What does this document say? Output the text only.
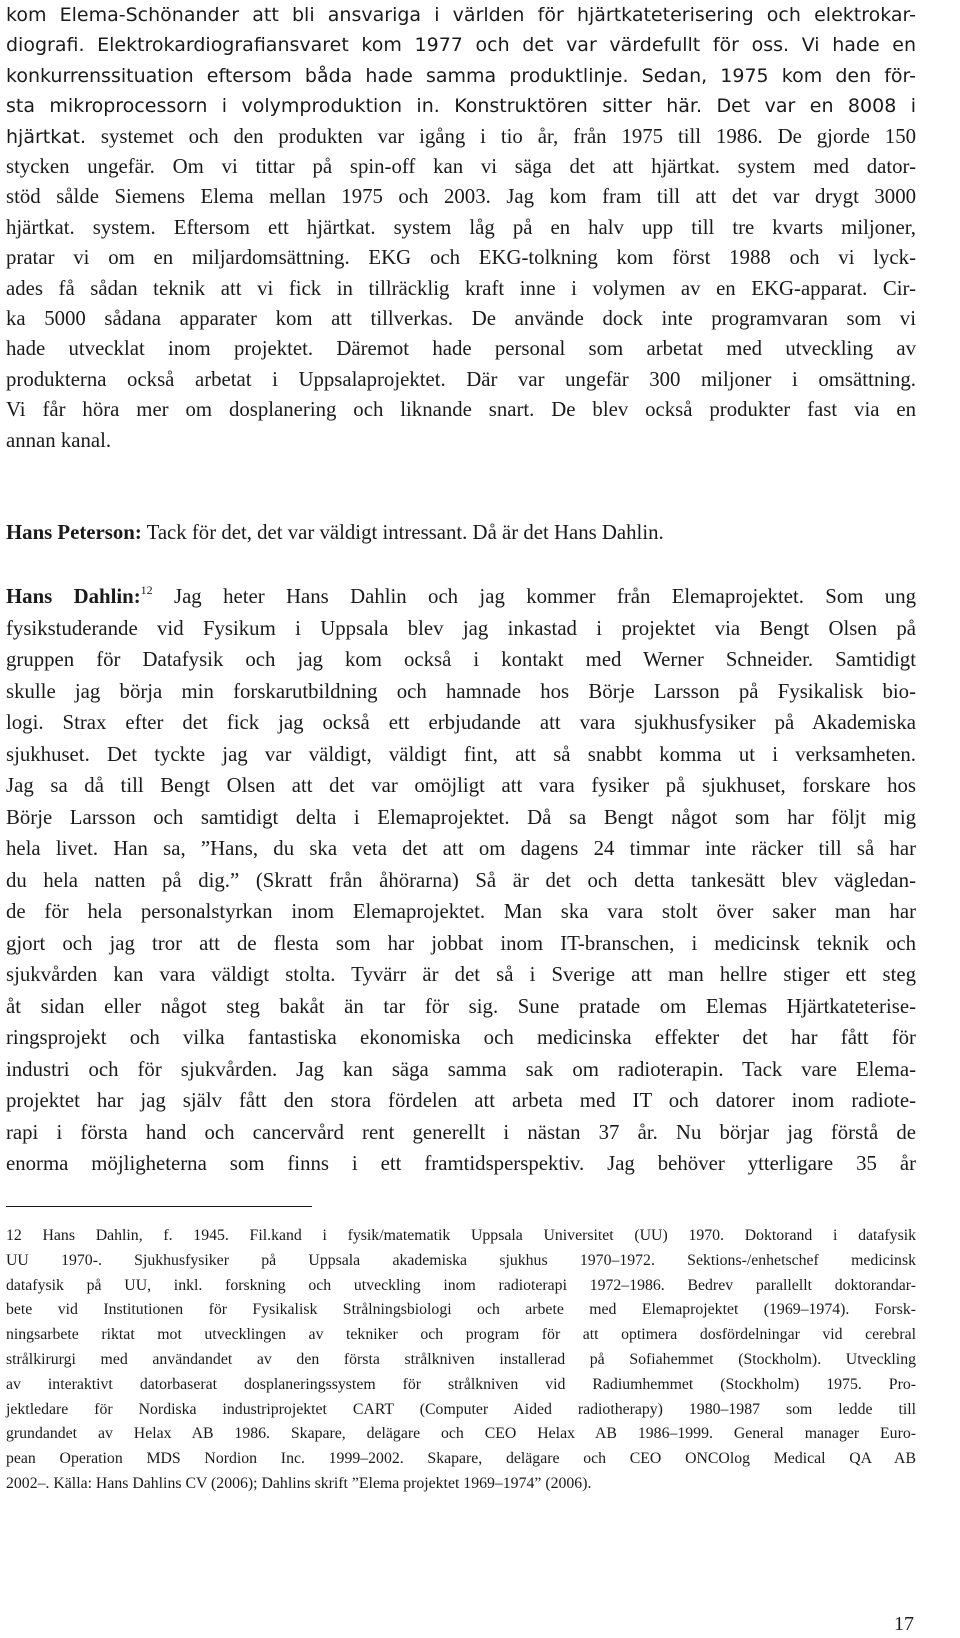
kom Elema-Schönander att bli ansvariga i världen för hjärtkateterisering och elektrokar-
diografi. Elektrokardiografiansvaret kom 1977 och det var värdefullt för oss. Vi hade en
konkurrenssituation eftersom båda hade samma produktlinje. Sedan, 1975 kom den för-
sta mikroprocessorn i volymproduktion in. Konstruktören sitter här. Det var en 8008 i
hjärtkat. systemet och den produkten var igång i tio år, från 1975 till 1986. De gjorde 150
stycken ungefär. Om vi tittar på spin-off kan vi säga det att hjärtkat. system med dator-
stöd sålde Siemens Elema mellan 1975 och 2003. Jag kom fram till att det var drygt 3000
hjärtkat. system. Eftersom ett hjärtkat. system låg på en halv upp till tre kvarts miljoner,
pratar vi om en miljardomsättning. EKG och EKG-tolkning kom först 1988 och vi lyck-
ades få sådan teknik att vi fick in tillräcklig kraft inne i volymen av en EKG-apparat. Cir-
ka 5000 sådana apparater kom att tillverkas. De använde dock inte programvaran som vi
hade utvecklat inom projektet. Däremot hade personal som arbetat med utveckling av
produkterna också arbetat i Uppsalaprojektet. Där var ungefär 300 miljoner i omsättning.
Vi får höra mer om dosplanering och liknande snart. De blev också produkter fast via en
annan kanal.
Hans Peterson: Tack för det, det var väldigt intressant. Då är det Hans Dahlin.
Hans Dahlin:$^{12}$ Jag heter Hans Dahlin och jag kommer från Elemaprojektet. Som ung
fysikstuderande vid Fysikum i Uppsala blev jag inkastad i projektet via Bengt Olsen på
gruppen för Datafysik och jag kom också i kontakt med Werner Schneider. Samtidigt
skulle jag börja min forskarutbildning och hamnade hos Börje Larsson på Fysikalisk bio-
logi. Strax efter det fick jag också ett erbjudande att vara sjukhusfysiker på Akademiska
sjukhuset. Det tyckte jag var väldigt, väldigt fint, att så snabbt komma ut i verksamheten.
Jag sa då till Bengt Olsen att det var omöjligt att vara fysiker på sjukhuset, forskare hos
Börje Larsson och samtidigt delta i Elemaprojektet. Då sa Bengt något som har följt mig
hela livet. Han sa, ”Hans, du ska veta det att om dagens 24 timmar inte räcker till så har
du hela natten på dig.” (Skratt från åhörarna) Så är det och detta tankesätt blev vägledan-
de för hela personalstyrkan inom Elemaprojektet. Man ska vara stolt över saker man har
gjort och jag tror att de flesta som har jobbat inom IT-branschen, i medicinsk teknik och
sjukvården kan vara väldigt stolta. Tyvärr är det så i Sverige att man hellre stiger ett steg
åt sidan eller något steg bakåt än tar för sig. Sune pratade om Elemas Hjärtkateterise-
ringsprojekt och vilka fantastiska ekonomiska och medicinska effekter det har fått för
industri och för sjukvården. Jag kan säga samma sak om radioterapin. Tack vare Elema-
projektet har jag själv fått den stora fördelen att arbeta med IT och datorer inom radiote-
rapi i första hand och cancervård rent generellt i nästan 37 år. Nu börjar jag förstå de
enorma möjligheterna som finns i ett framtidsperspektiv. Jag behöver ytterligare 35 år
12 Hans Dahlin, f. 1945. Fil.kand i fysik/matematik Uppsala Universitet (UU) 1970. Doktorand i datafysik
UU 1970-. Sjukhusfysiker på Uppsala akademiska sjukhus 1970–1972. Sektions-/enhetschef medicinsk
datafysik på UU, inkl. forskning och utveckling inom radioterapi 1972–1986. Bedrev parallellt doktorandar-
bete vid Institutionen för Fysikalisk Strålningsbiologi och arbete med Elemaprojektet (1969–1974). Forsk-
ningsarbete riktat mot utvecklingen av tekniker och program för att optimera dosfördelningar vid cerebral
strålkirurgi med användandet av den första strålkniven installerad på Sofiahemmet (Stockholm). Utveckling
av interaktivt datorbaserat dosplaneringssystem för strålkniven vid Radiumhemmet (Stockholm) 1975. Pro-
jektledare för Nordiska industriprojektet CART (Computer Aided radiotherapy) 1980–1987 som ledde till
grundandet av Helax AB 1986. Skapare, delägare och CEO Helax AB 1986–1999. General manager Euro-
pean Operation MDS Nordion Inc. 1999–2002. Skapare, delägare och CEO ONCOlog Medical QA AB
2002–. Källa: Hans Dahlins CV (2006); Dahlins skrift ”Elema projektet 1969–1974” (2006).
17
